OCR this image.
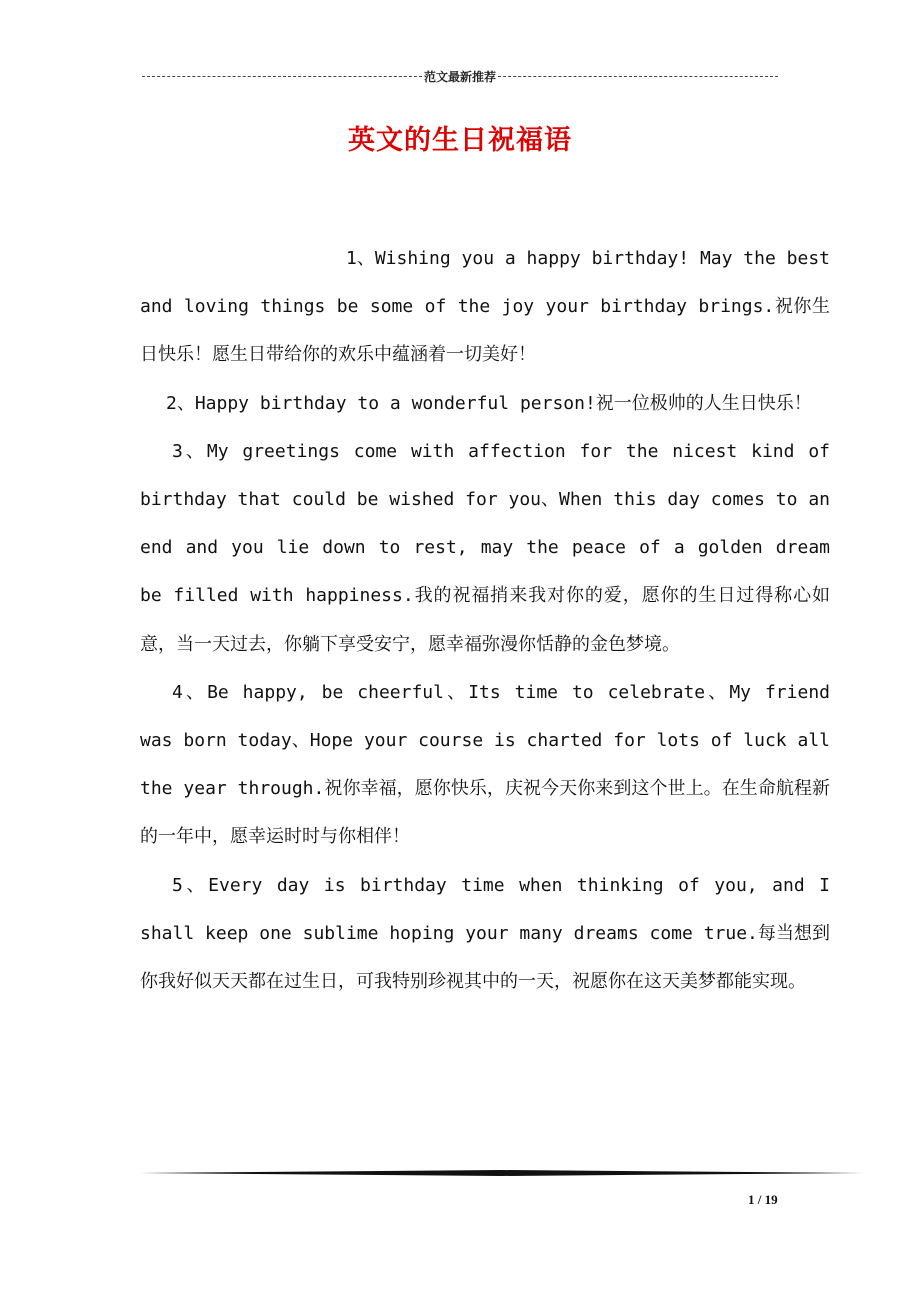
范文最新推荐
英文的生日祝福语

1、Wishing you a happy birthday! May the best and loving things be some of the joy your birthday brings.祝你生日快乐！愿生日带给你的欢乐中蕴涵着一切美好！

2、Happy birthday to a wonderful person!祝一位极帅的人生日快乐！

3、My greetings come with affection for the nicest kind of birthday that could be wished for you、When this day comes to an end and you lie down to rest, may the peace of a golden dream be filled with happiness.我的祝福捎来我对你的爱，愿你的生日过得称心如意，当一天过去，你躺下享受安宁，愿幸福弥漫你恬静的金色梦境。

4、Be happy, be cheerful、Its time to celebrate、My friend was born today、Hope your course is charted for lots of luck all the year through.祝你幸福，愿你快乐，庆祝今天你来到这个世上。在生命航程新的一年中，愿幸运时时与你相伴！

5、Every day is birthday time when thinking of you, and I shall keep one sublime hoping your many dreams come true.每当想到你我好似天天都在过生日，可我特别珍视其中的一天，祝愿你在这天美梦都能实现。

1 / 19
